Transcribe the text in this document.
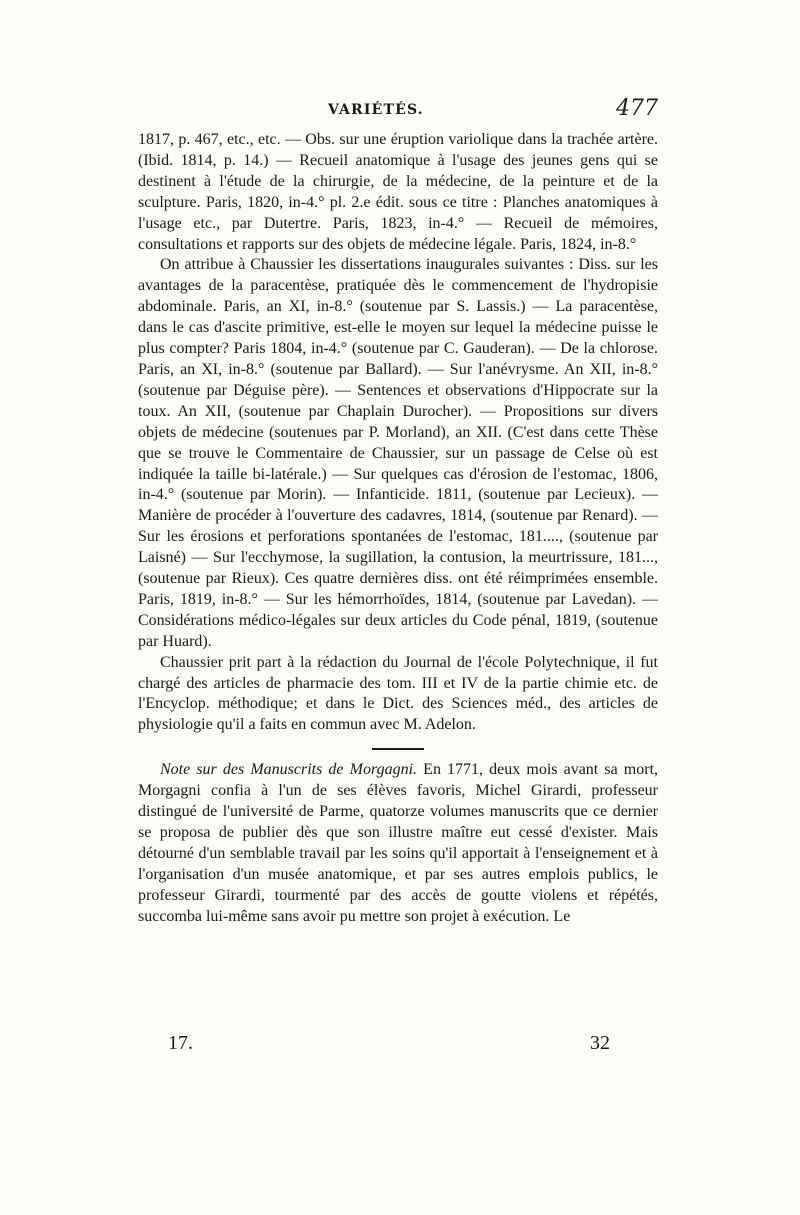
VARIÉTÉS.	477

1817, p. 467, etc., etc. — Obs. sur une éruption variolique dans la trachée artère. (Ibid. 1814, p. 14.) — Recueil anatomique à l'usage des jeunes gens qui se destinent à l'étude de la chirurgie, de la médecine, de la peinture et de la sculpture. Paris, 1820, in-4.° pl. 2.e édit. sous ce titre : Planches anatomiques à l'usage etc., par Dutertre. Paris, 1823, in-4.° — Recueil de mémoires, consultations et rapports sur des objets de médecine légale. Paris, 1824, in-8.°

On attribue à Chaussier les dissertations inaugurales suivantes : Diss. sur les avantages de la paracentèse, pratiquée dès le commencement de l'hydropisie abdominale. Paris, an XI, in-8.° (soutenue par S. Lassis.) — La paracentèse, dans le cas d'ascite primitive, est-elle le moyen sur lequel la médecine puisse le plus compter? Paris 1804, in-4.° (soutenue par C. Gauderan). — De la chlorose. Paris, an XI, in-8.° (soutenue par Ballard). — Sur l'anévrysme. An XII, in-8.° (soutenue par Déguise père). — Sentences et observations d'Hippocrate sur la toux. An XII, (soutenue par Chaplain Durocher). — Propositions sur divers objets de médecine (soutenues par P. Morland), an XII. (C'est dans cette Thèse que se trouve le Commentaire de Chaussier, sur un passage de Celse où est indiquée la taille bi-latérale.) — Sur quelques cas d'érosion de l'estomac, 1806, in-4.° (soutenue par Morin). — Infanticide. 1811, (soutenue par Lecieux). — Manière de procéder à l'ouverture des cadavres, 1814, (soutenue par Renard). — Sur les érosions et perforations spontanées de l'estomac, 181...., (soutenue par Laisné) — Sur l'ecchymose, la sugillation, la contusion, la meurtrissure, 181..., (soutenue par Rieux). Ces quatre dernières diss. ont été réimprimées ensemble. Paris, 1819, in-8.° — Sur les hémorrhoïdes, 1814, (soutenue par Lavedan). — Considérations médico-légales sur deux articles du Code pénal, 1819, (soutenue par Huard).

Chaussier prit part à la rédaction du Journal de l'école Polytechnique, il fut chargé des articles de pharmacie des tom. III et IV de la partie chimie etc. de l'Encyclop. méthodique; et dans le Dict. des Sciences méd., des articles de physiologie qu'il a faits en commun avec M. Adelon.

Note sur des Manuscrits de Morgagni. En 1771, deux mois avant sa mort, Morgagni confia à l'un de ses élèves favoris, Michel Girardi, professeur distingué de l'université de Parme, quatorze volumes manuscrits que ce dernier se proposa de publier dès que son illustre maître eut cessé d'exister. Mais détourné d'un semblable travail par les soins qu'il apportait à l'enseignement et à l'organisation d'un musée anatomique, et par ses autres emplois publics, le professeur Girardi, tourmenté par des accès de goutte violens et répétés, succomba lui-même sans avoir pu mettre son projet à exécution. Le

17.	32
